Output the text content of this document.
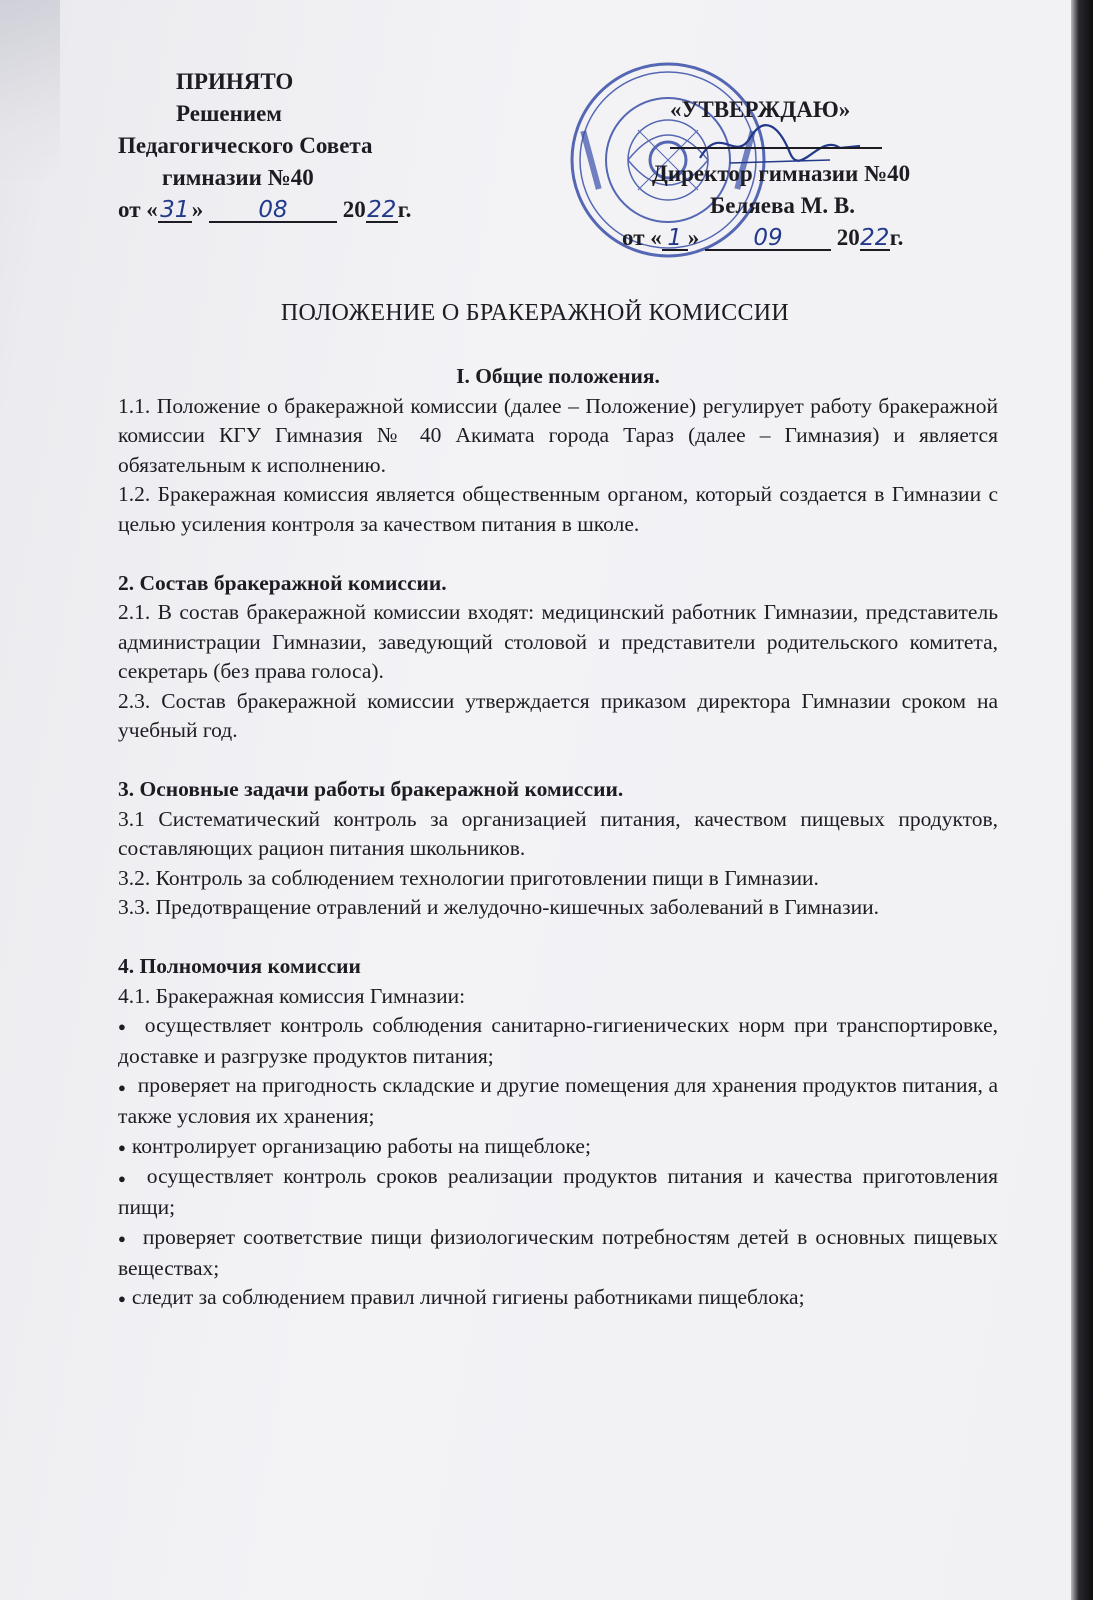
ПРИНЯТО
Решением
Педагогического Совета
гимназии №40
от « 31 » 08 2022г.
«УТВЕРЖДАЮ»
Директор гимназии №40
Беляева М. В.
от « 1 » 09 2022г.
ПОЛОЖЕНИЕ О БРАКЕРАЖНОЙ КОМИССИИ

I. Общие положения.

1.1. Положение о бракеражной комиссии (далее – Положение) регулирует работу бракеражной комиссии КГУ Гимназия № 40 Акимата города Тараз (далее – Гимназия) и является обязательным к исполнению.

1.2. Бракеражная комиссия является общественным органом, который создается в Гимназии с целью усиления контроля за качеством питания в школе.

2. Состав бракеражной комиссии.

2.1. В состав бракеражной комиссии входят: медицинский работник Гимназии, представитель администрации Гимназии, заведующий столовой и представители родительского комитета, секретарь (без права голоса).

2.3. Состав бракеражной комиссии утверждается приказом директора Гимназии сроком на учебный год.

3. Основные задачи работы бракеражной комиссии.

3.1 Систематический контроль за организацией питания, качеством пищевых продуктов, составляющих рацион питания школьников.

3.2. Контроль за соблюдением технологии приготовлении пищи в Гимназии.

3.3. Предотвращение отравлений и желудочно-кишечных заболеваний в Гимназии.

4. Полномочия комиссии

4.1. Бракеражная комиссия Гимназии:

● осуществляет контроль соблюдения санитарно-гигиенических норм при транспортировке, доставке и разгрузке продуктов питания;

● проверяет на пригодность складские и другие помещения для хранения продуктов питания, а также условия их хранения;

● контролирует организацию работы на пищеблоке;

● осуществляет контроль сроков реализации продуктов питания и качества приготовления пищи;

● проверяет соответствие пищи физиологическим потребностям детей в основных пищевых веществах;

● следит за соблюдением правил личной гигиены работниками пищеблока;
